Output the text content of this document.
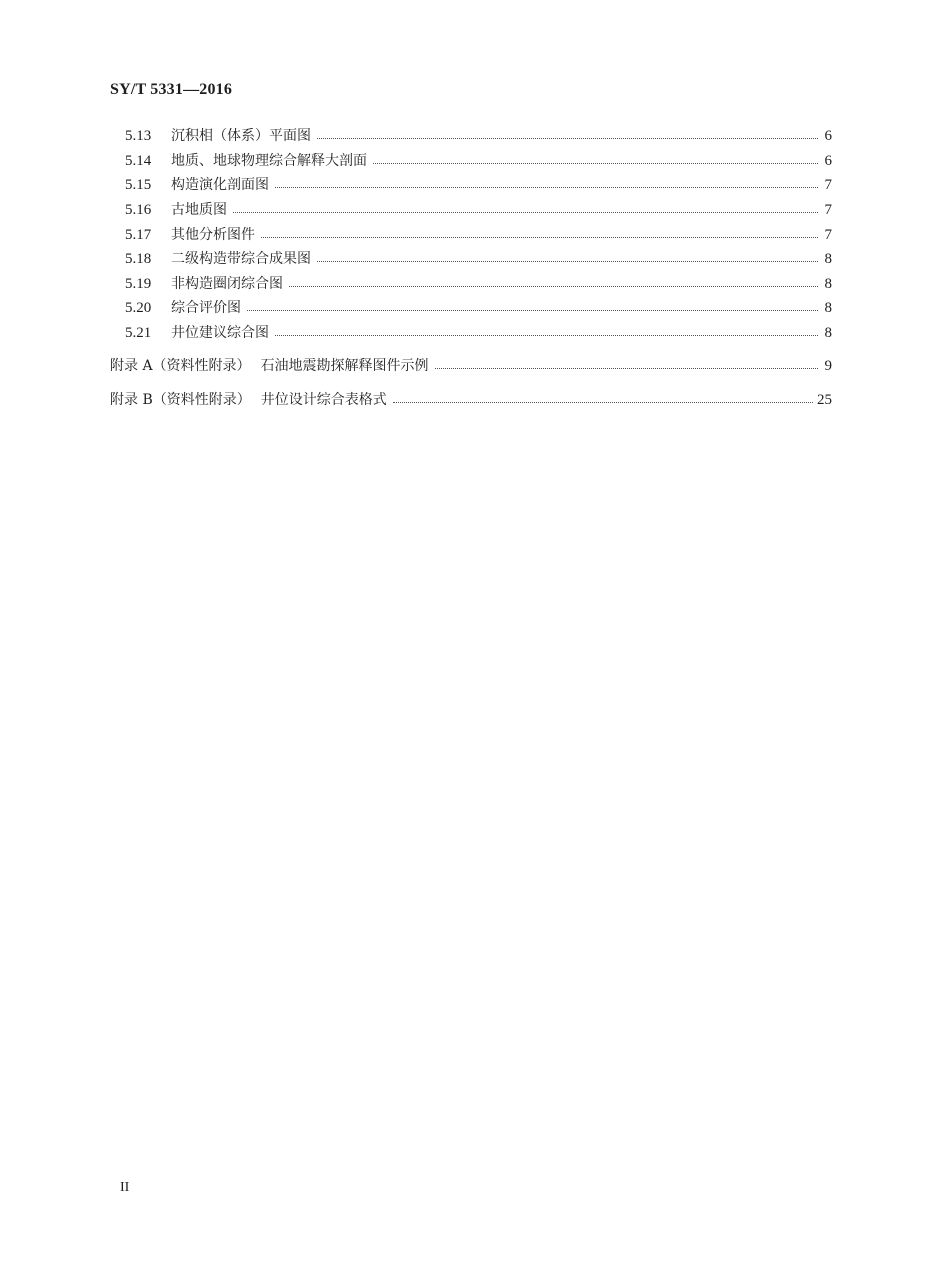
SY/T 5331—2016
5.13	沉积相（体系）平面图	6
5.14	地质、地球物理综合解释大剖面	6
5.15	构造演化剖面图	7
5.16	古地质图	7
5.17	其他分析图件	7
5.18	二级构造带综合成果图	8
5.19	非构造圈闭综合图	8
5.20	综合评价图	8
5.21	井位建议综合图	8
附录 A（资料性附录） 石油地震勘探解释图件示例	9
附录 B（资料性附录） 井位设计综合表格式	25
II
